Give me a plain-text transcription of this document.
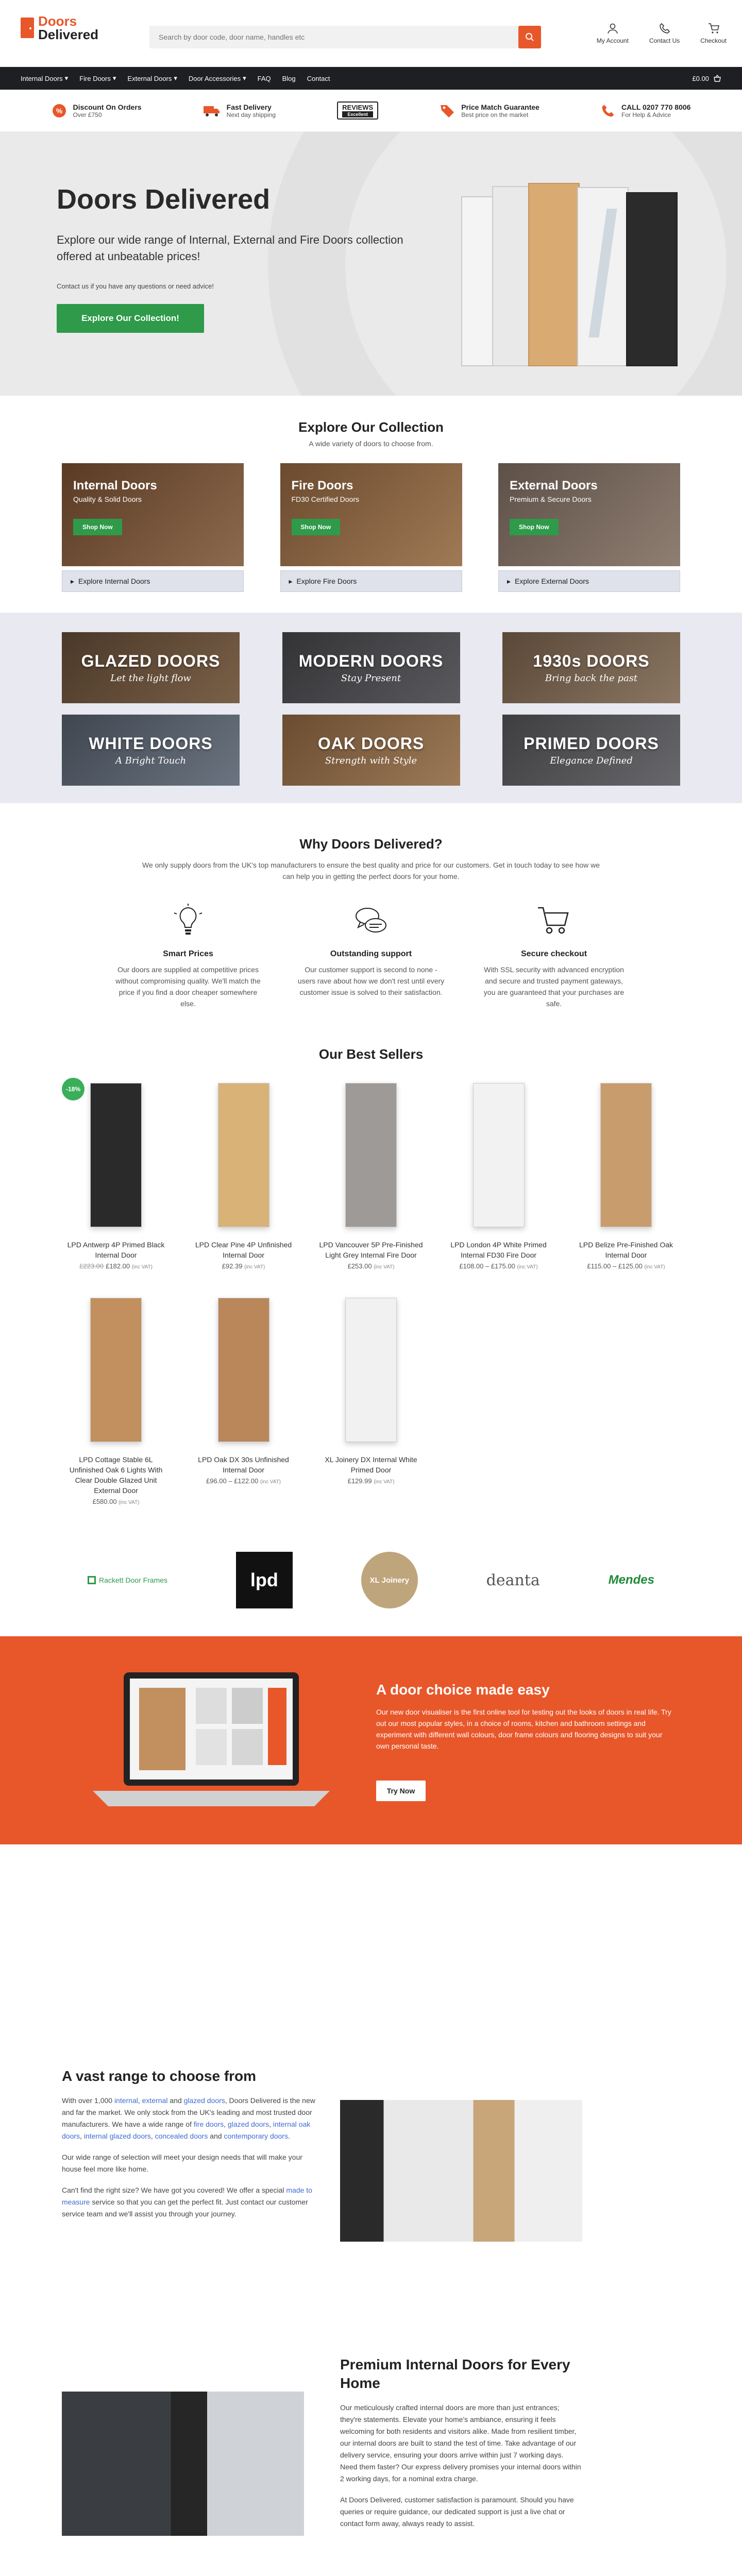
Doors
Delivered
Search by door code, door name, handles etc	My Account	Contact Us	Checkout
Internal Doors ▾ Fire Doors ▾ External Doors ▾ Door Accessories ▾ FAQ Blog Contact	£0.00
% Discount On Orders
Over £750
Fast Delivery
Next day shipping
REVIEWS
Excellent
Price Match Guarantee
Best price on the market
CALL 0207 770 8006
For Help & Advice
Doors Delivered
Explore our wide range of Internal, External and Fire Doors collection offered at unbeatable prices!
Contact us if you have any questions or need advice!
Explore Our Collection!
Explore Our Collection
A wide variety of doors to choose from.
Internal Doors
Quality & Solid Doors
Shop Now
▸ Explore Internal Doors
Fire Doors
FD30 Certified Doors
Shop Now
▸ Explore Fire Doors
External Doors
Premium & Secure Doors
Shop Now
▸ Explore External Doors
GLAZED DOORS
Let the light flow
MODERN DOORS
Stay Present
1930s DOORS
Bring back the past
WHITE DOORS
A Bright Touch
OAK DOORS
Strength with Style
PRIMED DOORS
Elegance Defined
Why Doors Delivered?
We only supply doors from the UK's top manufacturers to ensure the best quality and price for our customers. Get in touch today to see how we can help you in getting the perfect doors for your home.
Smart Prices

Our doors are supplied at competitive prices without compromising quality. We'll match the price if you find a door cheaper somewhere else.

Outstanding support

Our customer support is second to none - users rave about how we don't rest until every customer issue is solved to their satisfaction.

Secure checkout

With SSL security with advanced encryption and secure and trusted payment gateways, you are guaranteed that your purchases are safe.

Our Best Sellers
-18%
LPD Antwerp 4P Primed Black Internal Door
£223.00 £182.00 (inc VAT)
LPD Clear Pine 4P Unfinished Internal Door
£92.39 (inc VAT)
LPD Vancouver 5P Pre-Finished Light Grey Internal Fire Door
£253.00 (inc VAT)
LPD London 4P White Primed Internal FD30 Fire Door
£108.00 – £175.00 (inc VAT)
LPD Belize Pre-Finished Oak Internal Door
£115.00 – £125.00 (inc VAT)
LPD Cottage Stable 6L Unfinished Oak 6 Lights With Clear Double Glazed Unit External Door
£580.00 (inc VAT)
LPD Oak DX 30s Unfinished Internal Door
£96.00 – £122.00 (inc VAT)
XL Joinery DX Internal White Primed Door
£129.99 (inc VAT)
Rackett Door Frames	lpd	XL Joinery	deanta	Mendes
A door choice made easy

Our new door visualiser is the first online tool for testing out the looks of doors in real life. Try out our most popular styles, in a choice of rooms, kitchen and bathroom settings and experiment with different wall colours, door frame colours and flooring designs to suit your own personal taste.

Try Now
A vast range to choose from

With over 1,000 internal, external and glazed doors, Doors Delivered is the new and far the market. We only stock from the UK's leading and most trusted door manufacturers. We have a wide range of fire doors, glazed doors, internal oak doors, internal glazed doors, concealed doors and contemporary doors.

Our wide range of selection will meet your design needs that will make your house feel more like home.

Can't find the right size? We have got you covered! We offer a special made to measure service so that you can get the perfect fit. Just contact our customer service team and we'll assist you through your journey.

Premium Internal Doors for Every Home

Our meticulously crafted internal doors are more than just entrances; they're statements. Elevate your home's ambiance, ensuring it feels welcoming for both residents and visitors alike. Made from resilient timber, our internal doors are built to stand the test of time. Take advantage of our delivery service, ensuring your doors arrive within just 7 working days. Need them faster? Our express delivery promises your internal doors within 2 working days, for a nominal extra charge.

At Doors Delivered, customer satisfaction is paramount. Should you have queries or require guidance, our dedicated support is just a live chat or contact form away, always ready to assist.
